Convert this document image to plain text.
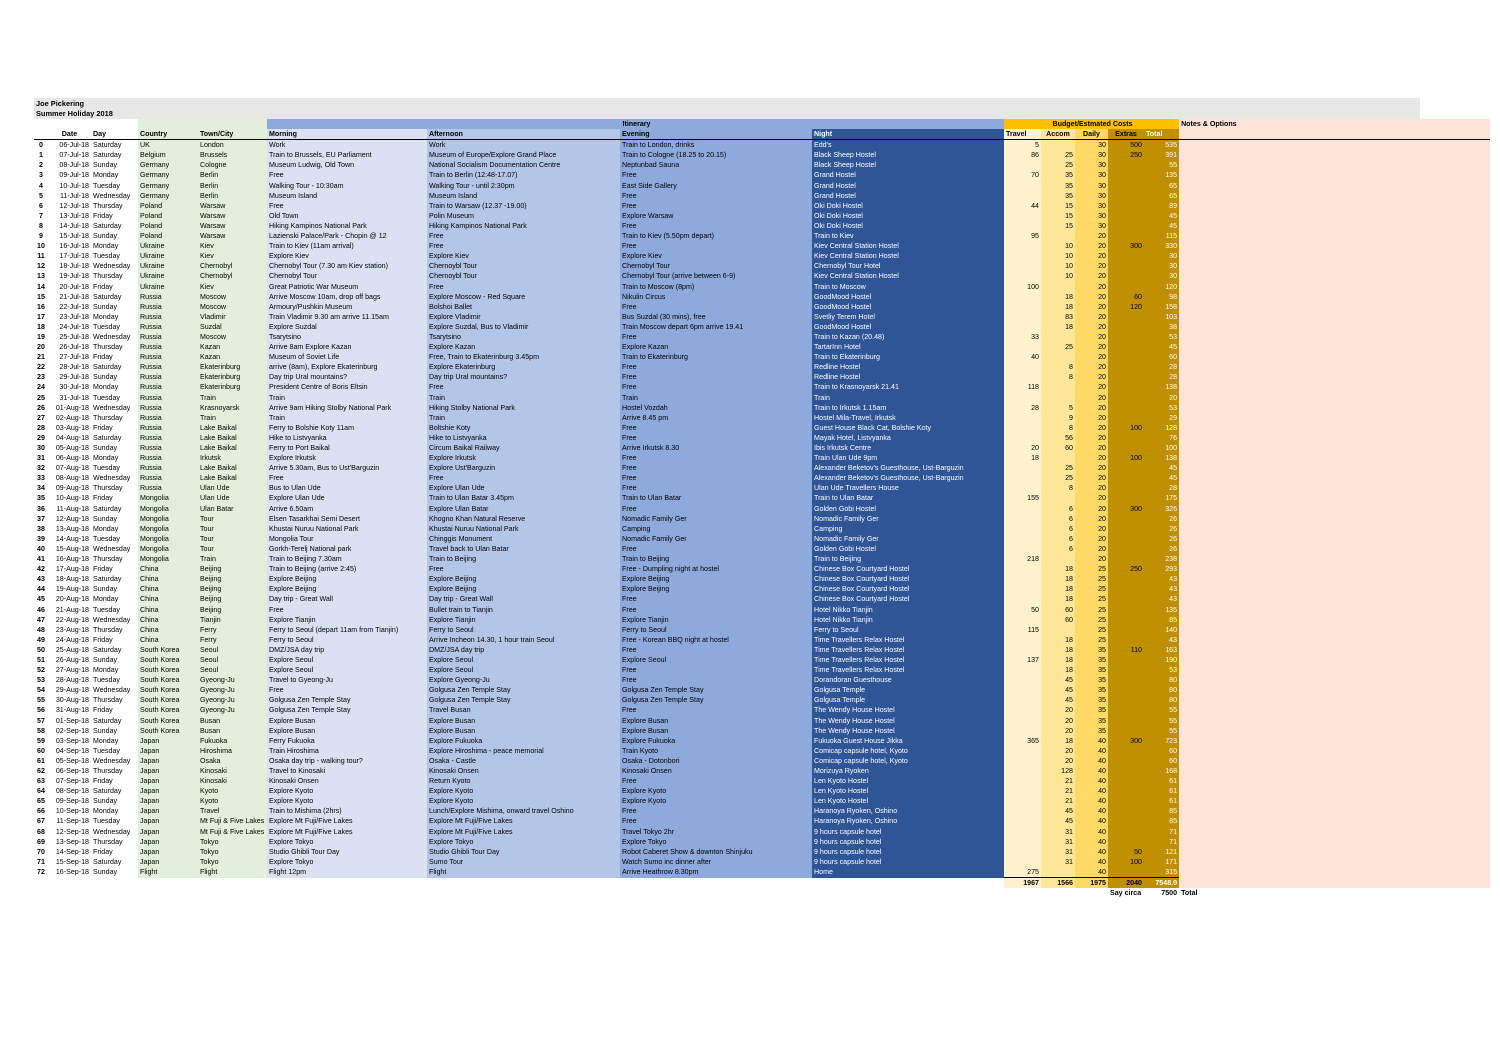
Joe Pickering
Summer Holiday 2018
					Itinerary				Budget/Estmated Costs					Notes & Options
	Date	Day	Country	Town/City	Morning	Afternoon	Evening	Night	Travel	Accom	Daily	Extras	Total	
0	06-Jul-18	Saturday	UK	London	Work	Work	Train to London, drinks	Edd's	5		30	500	535	
1	07-Jul-18	Saturday	Belgium	Brussels	Train to Brussels, EU Parliament	Museum of Europe/Explore Grand Place	Train to Cologne (18.25 to 20.15)	Black Sheep Hostel	86	25	30	250	391	
2	08-Jul-18	Sunday	Germany	Cologne	Museum Ludwig, Old Town	National Socialism Documentation Centre	Neptunbad Sauna	Black Sheep Hostel		25	30		55	
3	09-Jul-18	Monday	Germany	Berlin	Free	Train to Berlin (12:48-17.07)	Free	Grand Hostel	70	35	30		135	
4	10-Jul-18	Tuesday	Germany	Berlin	Walking Tour - 10:30am	Walking Tour - until 2:30pm	East Side Gallery	Grand Hostel		35	30		65	
5	11-Jul-18	Wednesday	Germany	Berlin	Museum Island	Museum Island	Free	Grand Hostel		35	30		65	
6	12-Jul-18	Thursday	Poland	Warsaw	Free	Train to Warsaw (12.37 -19.00)	Free	Oki Doki Hostel	44	15	30		89	
7	13-Jul-18	Friday	Poland	Warsaw	Old Town	Polin Museum	Explore Warsaw	Oki Doki Hostel		15	30		45	
8	14-Jul-18	Saturday	Poland	Warsaw	Hiking Kampinos National Park	Hiking Kampinos National Park	Free	Oki Doki Hostel		15	30		45	
9	15-Jul-18	Sunday	Poland	Warsaw	Lazienski Palace/Park - Chopin @ 12	Free	Train to Kiev (5.50pm depart)	Train to Kiev	95		20		115	
10	16-Jul-18	Monday	Ukraine	Kiev	Train to Kiev (11am arrival)	Free	Free	Kiev Central Station Hostel		10	20	300	330	
11	17-Jul-18	Tuesday	Ukraine	Kiev	Explore Kiev	Explore Kiev	Explore Kiev	Kiev Central Station Hostel		10	20		30	
12	18-Jul-18	Wednesday	Ukraine	Chernobyl	Chernobyl Tour (7.30 am Kiev station)	Chernoybl Tour	Chernobyl Tour	Chernobyl Tour Hotel		10	20		30	
13	19-Jul-18	Thursday	Ukraine	Chernobyl	Chernobyl Tour	Chernoybl Tour	Chernobyl Tour (arrive between 6-9)	Kiev Central Station Hostel		10	20		30	
14	20-Jul-18	Friday	Ukraine	Kiev	Great Patriotic War Museum	Free	Train to Moscow (8pm)	Train to Moscow	100		20		120	
15	21-Jul-18	Saturday	Russia	Moscow	Arrive Moscow 10am, drop off bags	Explore Moscow - Red Square	Nikulin Circus	GoodMood Hostel		18	20	60	98	
16	22-Jul-18	Sunday	Russia	Moscow	Armoury/Pushkin Museum	Bolshoi Ballet	Free	GoodMood Hostel		18	20	120	158	
17	23-Jul-18	Monday	Russia	Vladimir	Train Vladimir 9.30 am arrive 11.15am	Explore Vladimir	Bus Suzdal (30 mins), free	Svetliy Terem Hotel		83	20		103	
18	24-Jul-18	Tuesday	Russia	Suzdal	Explore Suzdal	Explore Suzdal, Bus to Vladimir	Train Moscow depart 6pm arrive 19.41	GoodMood Hostel		18	20		38	
19	25-Jul-18	Wednesday	Russia	Moscow	Tsarytsino	Tsarytsino	Free	Train to Kazan (20.48)	33		20		53	
20	26-Jul-18	Thursday	Russia	Kazan	Arrive 8am Explore Kazan	Explore Kazan	Explore Kazan	TartarInn Hotel		25	20		45	
21	27-Jul-18	Friday	Russia	Kazan	Museum of Soviet Life	Free, Train to Ekaterinburg 3.45pm	Train to Ekaterinburg	Train to Ekaterinburg	40		20		60	
22	28-Jul-18	Saturday	Russia	Ekaterinburg	arrive (8am), Explore Ekaterinburg	Explore Ekaterinburg	Free	Redline Hostel		8	20		28	
23	29-Jul-18	Sunday	Russia	Ekaterinburg	Day trip Ural mountains?	Day trip Ural mountains?	Free	Redline Hostel		8	20		28	
24	30-Jul-18	Monday	Russia	Ekaterinburg	President Centre of Boris Eltsin	Free	Free	Train to Krasnoyarsk 21.41	118		20		138	
25	31-Jul-18	Tuesday	Russia	Train	Train	Train	Train	Train			20		20	
26	01-Aug-18	Wednesday	Russia	Krasnoyarsk	Arrive 9am Hiking Stolby National Park	Hiking Stolby National Park	Hostel Vozdah	Train to Irkutsk 1.15am	28	5	20		53	
27	02-Aug-18	Thursday	Russia	Train	Train	Train	Arrive 8.45 pm	Hostel Mila-Travel, Irkutsk		9	20		29	
28	03-Aug-18	Friday	Russia	Lake Baikal	Ferry to Bolshie Koty 11am	Boltshie Koty	Free	Guest House Black Cat, Bolshie Koty		8	20	100	128	
29	04-Aug-18	Saturday	Russia	Lake Baikal	Hike to Listvyanka	Hike to Listvyanka	Free	Mayak Hotel, Listvyanka		56	20		76	
30	05-Aug-18	Sunday	Russia	Lake Baikal	Ferry to Port Baikal	Circum Baikal Railway	Arrive Irkutsk 8.30	Ibis Irkutsk Centre	20	60	20		100	
31	06-Aug-18	Monday	Russia	Irkutsk	Explore Irkutsk	Explore Irkutsk	Free	Train Ulan Ude 9pm	18		20	100	138	
32	07-Aug-18	Tuesday	Russia	Lake Baikal	Arrive 5.30am, Bus to Ust'Barguzin	Explore Ust'Barguzin	Free	Alexander Beketov's Guesthouse, Ust-Barguzin		25	20		45	
33	08-Aug-18	Wednesday	Russia	Lake Baikal	Free	Free	Free	Alexander Beketov's Guesthouse, Ust-Barguzin		25	20		45	
34	09-Aug-18	Thursday	Russia	Ulan Ude	Bus to Ulan Ude	Explore Ulan Ude	Free	Ulan Ude Travellers House		8	20		28	
35	10-Aug-18	Friday	Mongolia	Ulan Ude	Explore Ulan Ude	Train to Ulan Batar 3.45pm	Train to Ulan Batar	Train to Ulan Batar	155		20		175	
36	11-Aug-18	Saturday	Mongolia	Ulan Batar	Arrive 6.50am	Explore Ulan Batar	Free	Golden Gobi Hostel		6	20	300	326	
37	12-Aug-18	Sunday	Mongolia	Tour	Elsen Tasarkhai Semi Desert	Khogno Khan Natural Reserve	Nomadic Family Ger	Nomadic Family Ger		6	20		26	
38	13-Aug-18	Monday	Mongolia	Tour	Khustai Nuruu National Park	Khustai Nuruu National Park	Camping	Camping		6	20		26	
39	14-Aug-18	Tuesday	Mongolia	Tour	Mongolia Tour	Chinggis Monument	Nomadic Family Ger	Nomadic Family Ger		6	20		26	
40	15-Aug-18	Wednesday	Mongolia	Tour	Gorkh-Terelj National park	Travel back to Ulan Batar	Free	Golden Gobi Hostel		6	20		26	
41	16-Aug-18	Thursday	Mongolia	Train	Train to Beijing 7.30am	Train to Beijing	Train to Beijing	Train to Beijing	218		20		238	
42	17-Aug-18	Friday	China	Beijing	Train to Beijing (arrive 2:45)	Free	Free - Dumpling night at hostel	Chinese Box Courtyard Hostel		18	25	250	293	
43	18-Aug-18	Saturday	China	Beijing	Explore Beijing	Explore Beijing	Explore Beijing	Chinese Box Courtyard Hostel		18	25		43	
44	19-Aug-18	Sunday	China	Beijing	Explore Beijing	Explore Beijing	Explore Beijing	Chinese Box Courtyard Hostel		18	25		43	
45	20-Aug-18	Monday	China	Beijing	Day trip - Great Wall	Day trip - Great Wall	Free	Chinese Box Courtyard Hostel		18	25		43	
46	21-Aug-18	Tuesday	China	Beijing	Free	Bullet train to Tianjin	Free	Hotel Nikko Tianjin	50	60	25		135	
47	22-Aug-18	Wednesday	China	Tianjin	Explore Tianjin	Explore Tianjin	Explore Tianjin	Hotel Nikko Tianjin		60	25		85	
48	23-Aug-18	Thursday	China	Ferry	Ferry to Seoul (depart 11am from Tianjin)	Ferry to Seoul	Ferry to Seoul	Ferry to Seoul	115		25		140	
49	24-Aug-18	Friday	China	Ferry	Ferry to Seoul	Arrive Incheon 14.30, 1 hour train Seoul	Free - Korean BBQ night at hostel	Time Travellers Relax Hostel		18	25		43	
50	25-Aug-18	Saturday	South Korea	Seoul	DMZ/JSA day trip	DMZ/JSA day trip	Free	Time Travellers Relax Hostel		18	35	110	163	
51	26-Aug-18	Sunday	South Korea	Seoul	Explore Seoul	Explore Seoul	Explore Seoul	Time Travellers Relax Hostel	137	18	35		190	
52	27-Aug-18	Monday	South Korea	Seoul	Explore Seoul	Explore Seoul	Free	Time Travellers Relax Hostel		18	35		53	
53	28-Aug-18	Tuesday	South Korea	Gyeong-Ju	Travel to Gyeong-Ju	Explore Gyeong-Ju	Free	Dorandoran Guesthouse		45	35		80	
54	29-Aug-18	Wednesday	South Korea	Gyeong-Ju	Free	Golgusa Zen Temple Stay	Golgusa Zen Temple Stay	Golgusa Temple		45	35		80	
55	30-Aug-18	Thursday	South Korea	Gyeong-Ju	Golgusa Zen Temple Stay	Golgusa Zen Temple Stay	Golgusa Zen Temple Stay	Golgusa Temple		45	35		80	
56	31-Aug-18	Friday	South Korea	Gyeong-Ju	Golgusa Zen Temple Stay	Travel Busan	Free	The Wendy House Hostel		20	35		55	
57	01-Sep-18	Saturday	South Korea	Busan	Explore Busan	Explore Busan	Explore Busan	The Wendy House Hostel		20	35		55	
58	02-Sep-18	Sunday	South Korea	Busan	Explore Busan	Explore Busan	Explore Busan	The Wendy House Hostel		20	35		55	
59	03-Sep-18	Monday	Japan	Fukuoka	Ferry Fukuoka	Explore Fukuoka	Explore Fukuoka	Fukuoka Guest House Jikka	365	18	40	300	723	
60	04-Sep-18	Tuesday	Japan	Hiroshima	Train Hiroshima	Explore Hiroshima - peace memorial	Train Kyoto	Comicap capsule hotel, Kyoto		20	40		60	
61	05-Sep-18	Wednesday	Japan	Osaka	Osaka day trip - walking tour?	Osaka - Castle	Osaka - Dotonbori	Comicap capsule hotel, Kyoto		20	40		60	
62	06-Sep-18	Thursday	Japan	Kinosaki	Travel to Kinosaki	Kinosaki Onsen	Kinosaki Onsen	Morizuya Ryoken		128	40		168	
63	07-Sep-18	Friday	Japan	Kinosaki	Kinosaki Onsen	Return Kyoto	Free	Len Kyoto Hostel		21	40		61	
64	08-Sep-18	Saturday	Japan	Kyoto	Explore Kyoto	Explore Kyoto	Explore Kyoto	Len Kyoto Hostel		21	40		61	
65	09-Sep-18	Sunday	Japan	Kyoto	Explore Kyoto	Explore Kyoto	Explore Kyoto	Len Kyoto Hostel		21	40		61	
66	10-Sep-18	Monday	Japan	Travel	Train to Mishima (2hrs)	Lunch/Explore Mishima, onward travel Oshino	Free	Haranoya Ryoken, Oshino		45	40		85	
67	11-Sep-18	Tuesday	Japan	Mt Fuji & Five Lakes	Explore Mt Fuji/Five Lakes	Explore Mt Fuji/Five Lakes	Free	Haranoya Ryoken, Oshino		45	40		85	
68	12-Sep-18	Wednesday	Japan	Mt Fuji & Five Lakes	Explore Mt Fuji/Five Lakes	Explore Mt Fuji/Five Lakes	Travel Tokyo 2hr	9 hours capsule hotel		31	40		71	
69	13-Sep-18	Thursday	Japan	Tokyo	Explore Tokyo	Explore Tokyo	Explore Tokyo	9 hours capsule hotel		31	40		71	
70	14-Sep-18	Friday	Japan	Tokyo	Studio Ghibli Tour Day	Studio Ghibli Tour Day	Robot Caberet Show & downton Shinjuku	9 hours capsule hotel		31	40	50	121	
71	15-Sep-18	Saturday	Japan	Tokyo	Explore Tokyo	Sumo Tour	Watch Sumo inc dinner after	9 hours capsule hotel		31	40	100	171	
72	16-Sep-18	Sunday	Flight	Flight	Flight 12pm	Flight	Arrive Heathrow 8.30pm	Home	275		40		315	
									1967	1566	1975	2040	7548.0	
												Say circa	7500	Total
